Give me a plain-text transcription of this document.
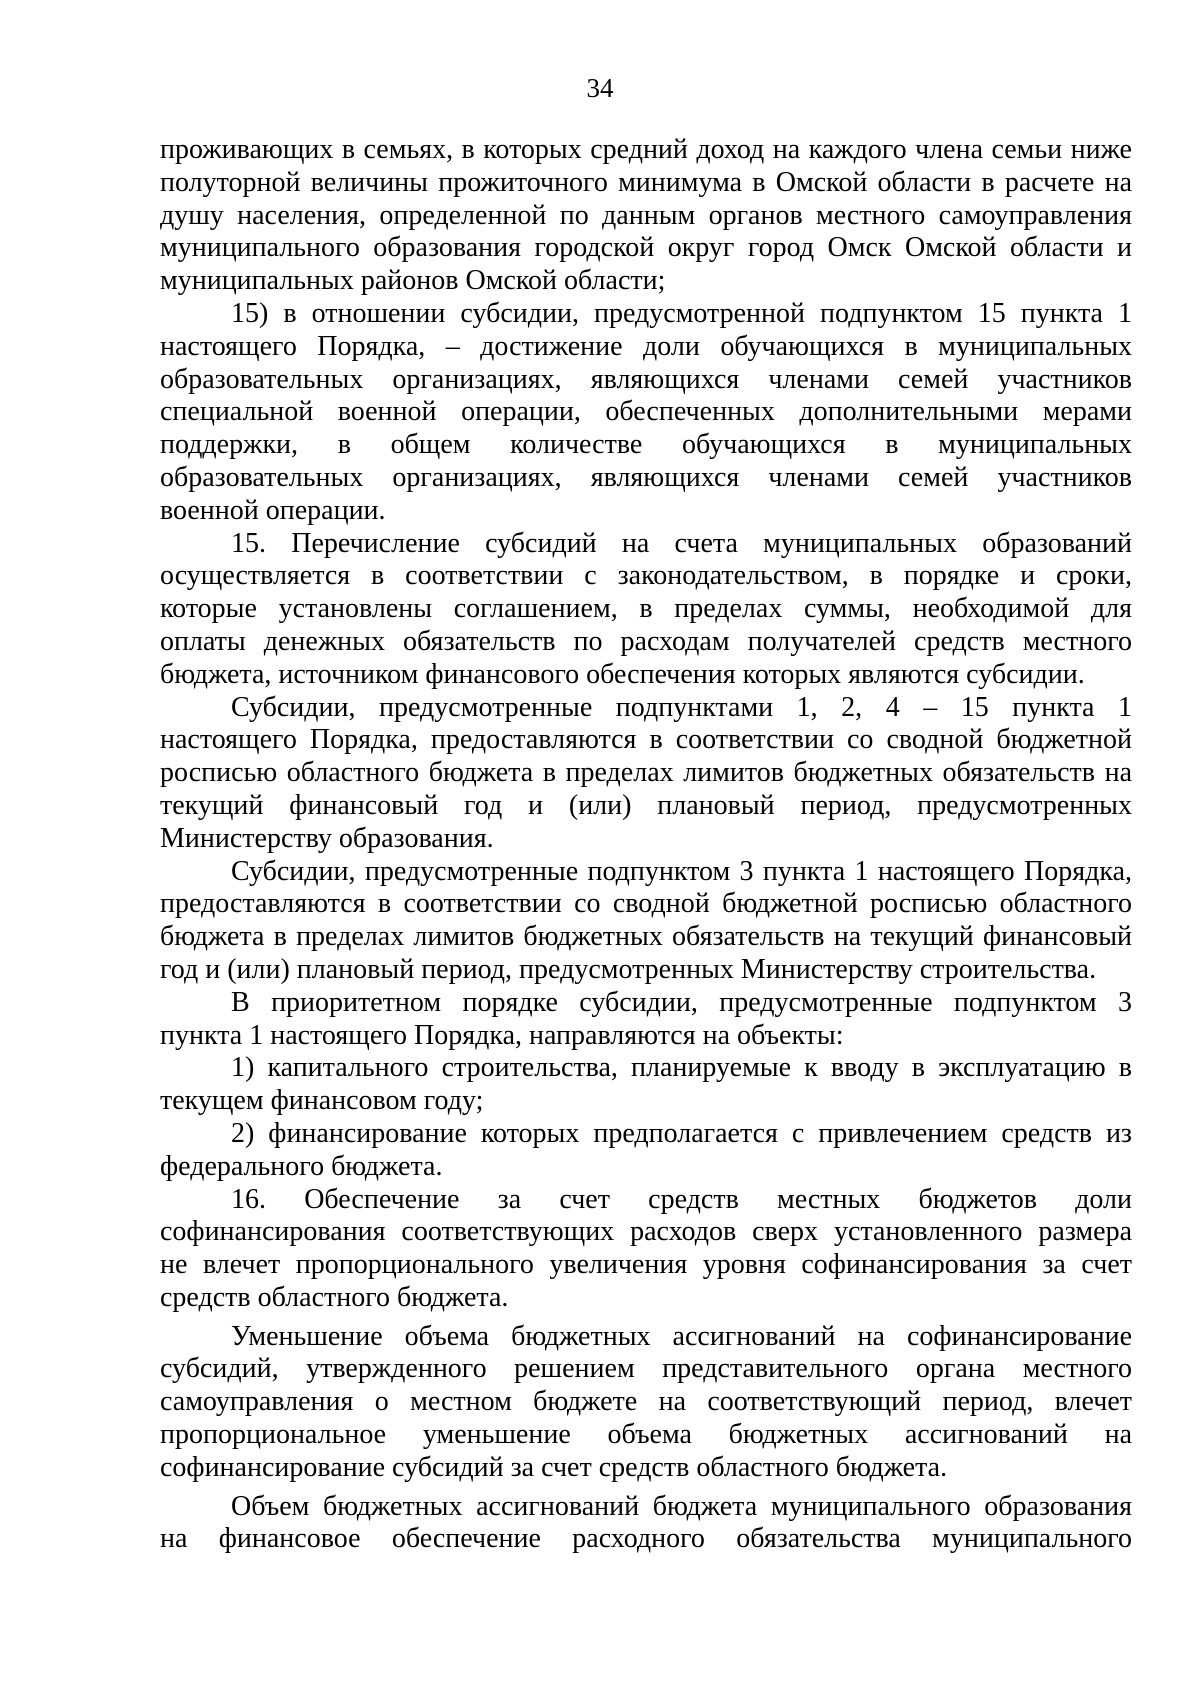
34
проживающих в семьях, в которых средний доход на каждого члена семьи ниже
полуторной величины прожиточного минимума в Омской области в расчете на
душу населения, определенной по данным органов местного самоуправления
муниципального образования городской округ город Омск Омской области и
муниципальных районов Омской области;
15) в отношении субсидии, предусмотренной подпунктом 15 пункта 1
настоящего Порядка, – достижение доли обучающихся в муниципальных
образовательных организациях, являющихся членами семей участников
специальной военной операции, обеспеченных дополнительными мерами
поддержки, в общем количестве обучающихся в муниципальных
образовательных организациях, являющихся членами семей участников
военной операции.
15. Перечисление субсидий на счета муниципальных образований
осуществляется в соответствии с законодательством, в порядке и сроки,
которые установлены соглашением, в пределах суммы, необходимой для
оплаты денежных обязательств по расходам получателей средств местного
бюджета, источником финансового обеспечения которых являются субсидии.
Субсидии, предусмотренные подпунктами 1, 2, 4 – 15 пункта 1
настоящего Порядка, предоставляются в соответствии со сводной бюджетной
росписью областного бюджета в пределах лимитов бюджетных обязательств на
текущий финансовый год и (или) плановый период, предусмотренных
Министерству образования.
Субсидии, предусмотренные подпунктом 3 пункта 1 настоящего Порядка,
предоставляются в соответствии со сводной бюджетной росписью областного
бюджета в пределах лимитов бюджетных обязательств на текущий финансовый
год и (или) плановый период, предусмотренных Министерству строительства.
В приоритетном порядке субсидии, предусмотренные подпунктом 3
пункта 1 настоящего Порядка, направляются на объекты:
1) капитального строительства, планируемые к вводу в эксплуатацию в
текущем финансовом году;
2) финансирование которых предполагается с привлечением средств из
федерального бюджета.
16. Обеспечение за счет средств местных бюджетов доли
софинансирования соответствующих расходов сверх установленного размера
не влечет пропорционального увеличения уровня софинансирования за счет
средств областного бюджета.
Уменьшение объема бюджетных ассигнований на софинансирование
субсидий, утвержденного решением представительного органа местного
самоуправления о местном бюджете на соответствующий период, влечет
пропорциональное уменьшение объема бюджетных ассигнований на
софинансирование субсидий за счет средств областного бюджета.
Объем бюджетных ассигнований бюджета муниципального образования
на финансовое обеспечение расходного обязательства муниципального
